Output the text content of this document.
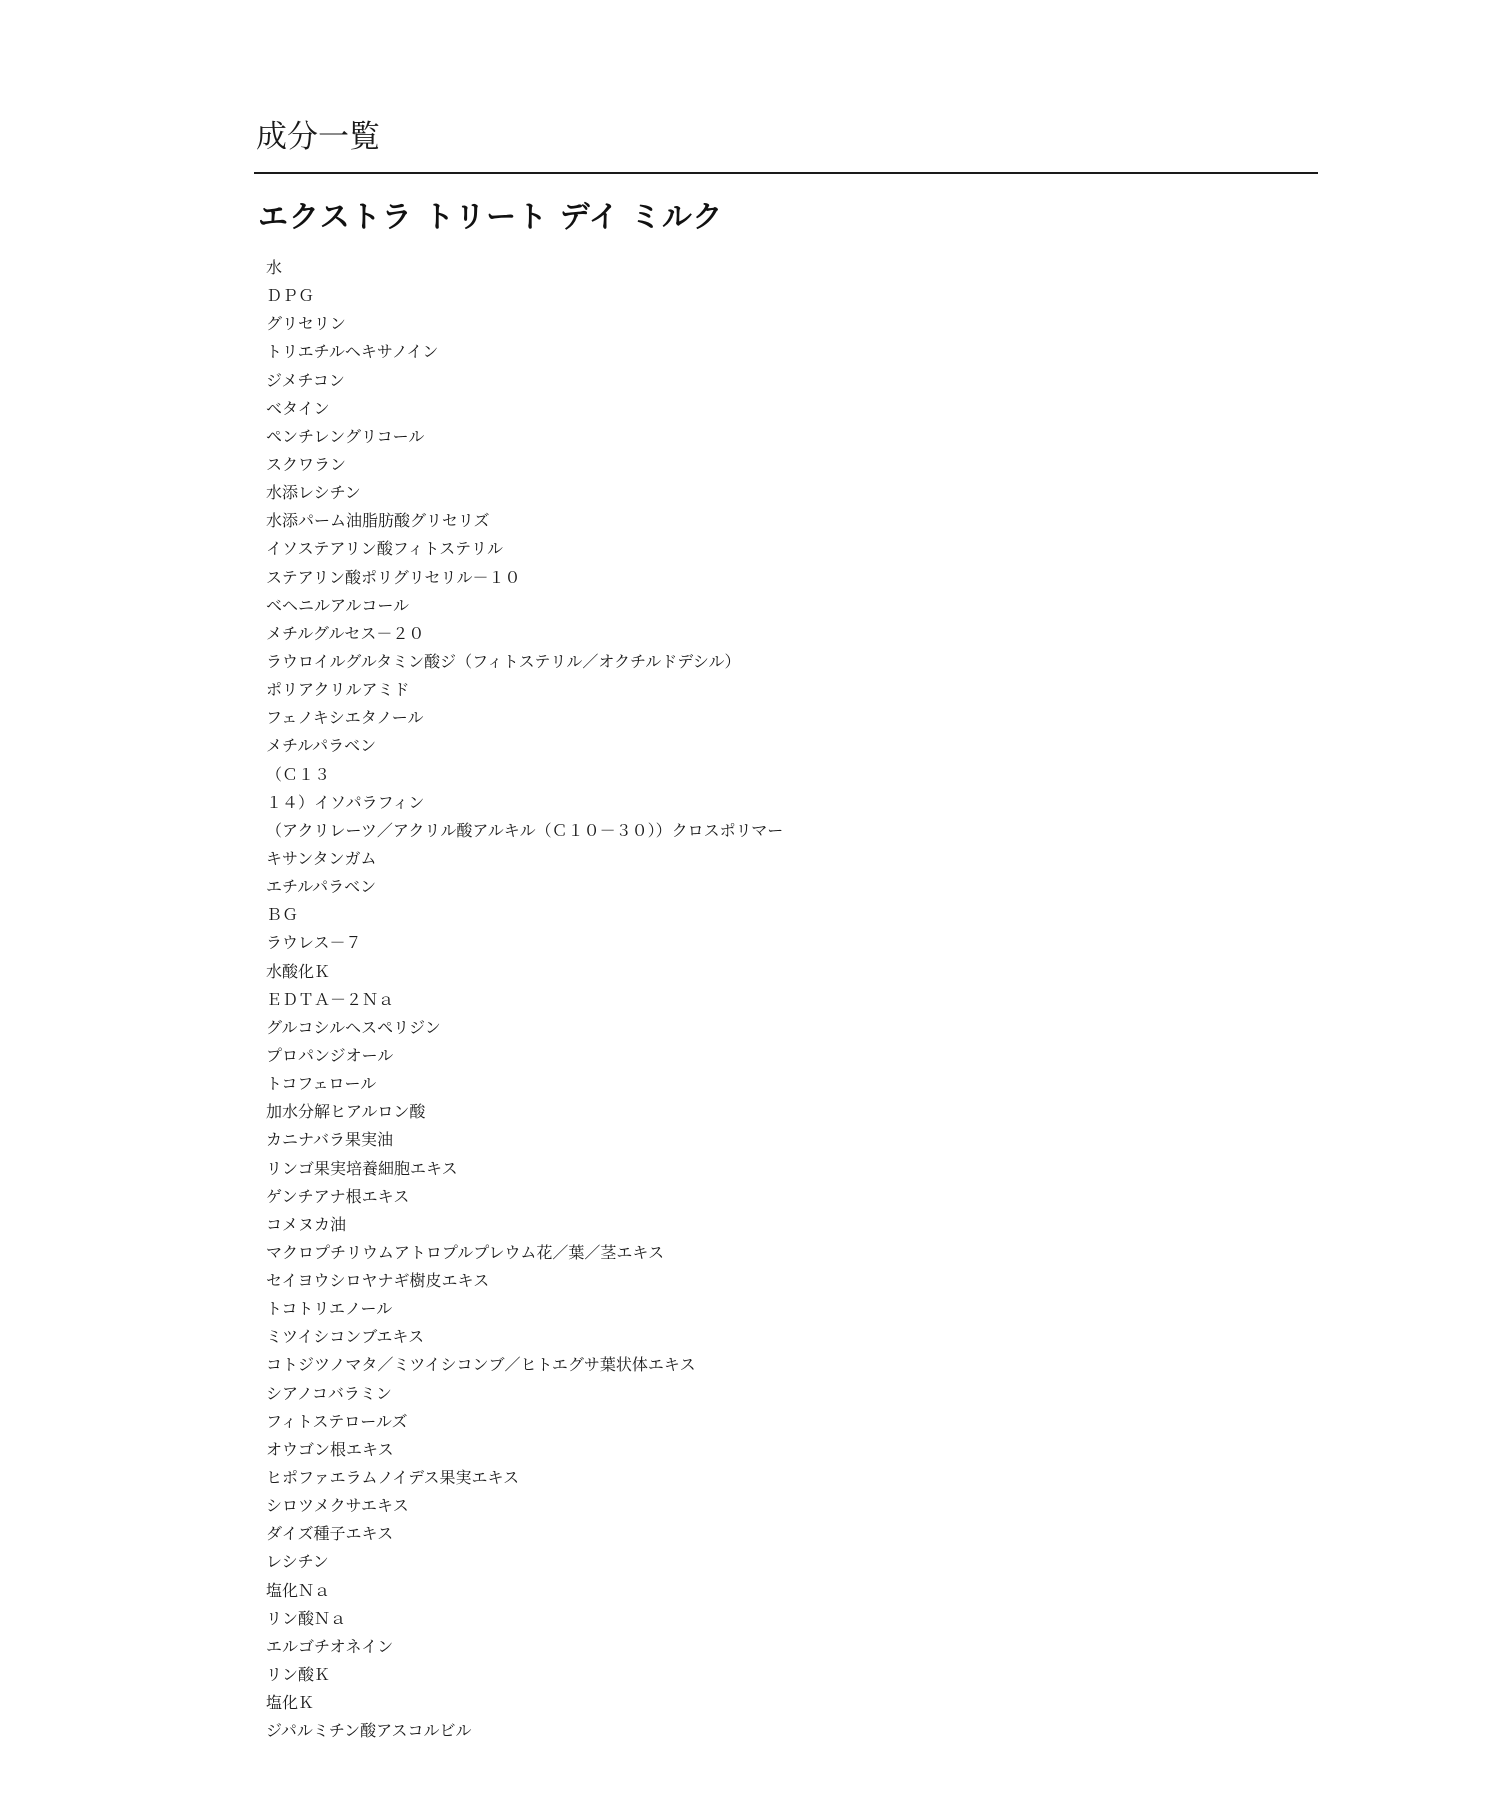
成分一覧
エクストラ トリート デイ ミルク
水
ＤＰＧ
グリセリン
トリエチルヘキサノイン
ジメチコン
ベタイン
ペンチレングリコール
スクワラン
水添レシチン
水添パーム油脂肪酸グリセリズ
イソステアリン酸フィトステリル
ステアリン酸ポリグリセリル－１０
ベヘニルアルコール
メチルグルセス－２０
ラウロイルグルタミン酸ジ（フィトステリル／オクチルドデシル）
ポリアクリルアミド
フェノキシエタノール
メチルパラベン
（Ｃ１３
１４）イソパラフィン
（アクリレーツ／アクリル酸アルキル（Ｃ１０－３０））クロスポリマー
キサンタンガム
エチルパラベン
ＢＧ
ラウレス－７
水酸化Ｋ
ＥＤＴＡ－２Ｎａ
グルコシルヘスペリジン
プロパンジオール
トコフェロール
加水分解ヒアルロン酸
カニナバラ果実油
リンゴ果実培養細胞エキス
ゲンチアナ根エキス
コメヌカ油
マクロプチリウムアトロプルプレウム花／葉／茎エキス
セイヨウシロヤナギ樹皮エキス
トコトリエノール
ミツイシコンブエキス
コトジツノマタ／ミツイシコンブ／ヒトエグサ葉状体エキス
シアノコバラミン
フィトステロールズ
オウゴン根エキス
ヒポファエラムノイデス果実エキス
シロツメクサエキス
ダイズ種子エキス
レシチン
塩化Ｎａ
リン酸Ｎａ
エルゴチオネイン
リン酸Ｋ
塩化Ｋ
ジパルミチン酸アスコルビル
